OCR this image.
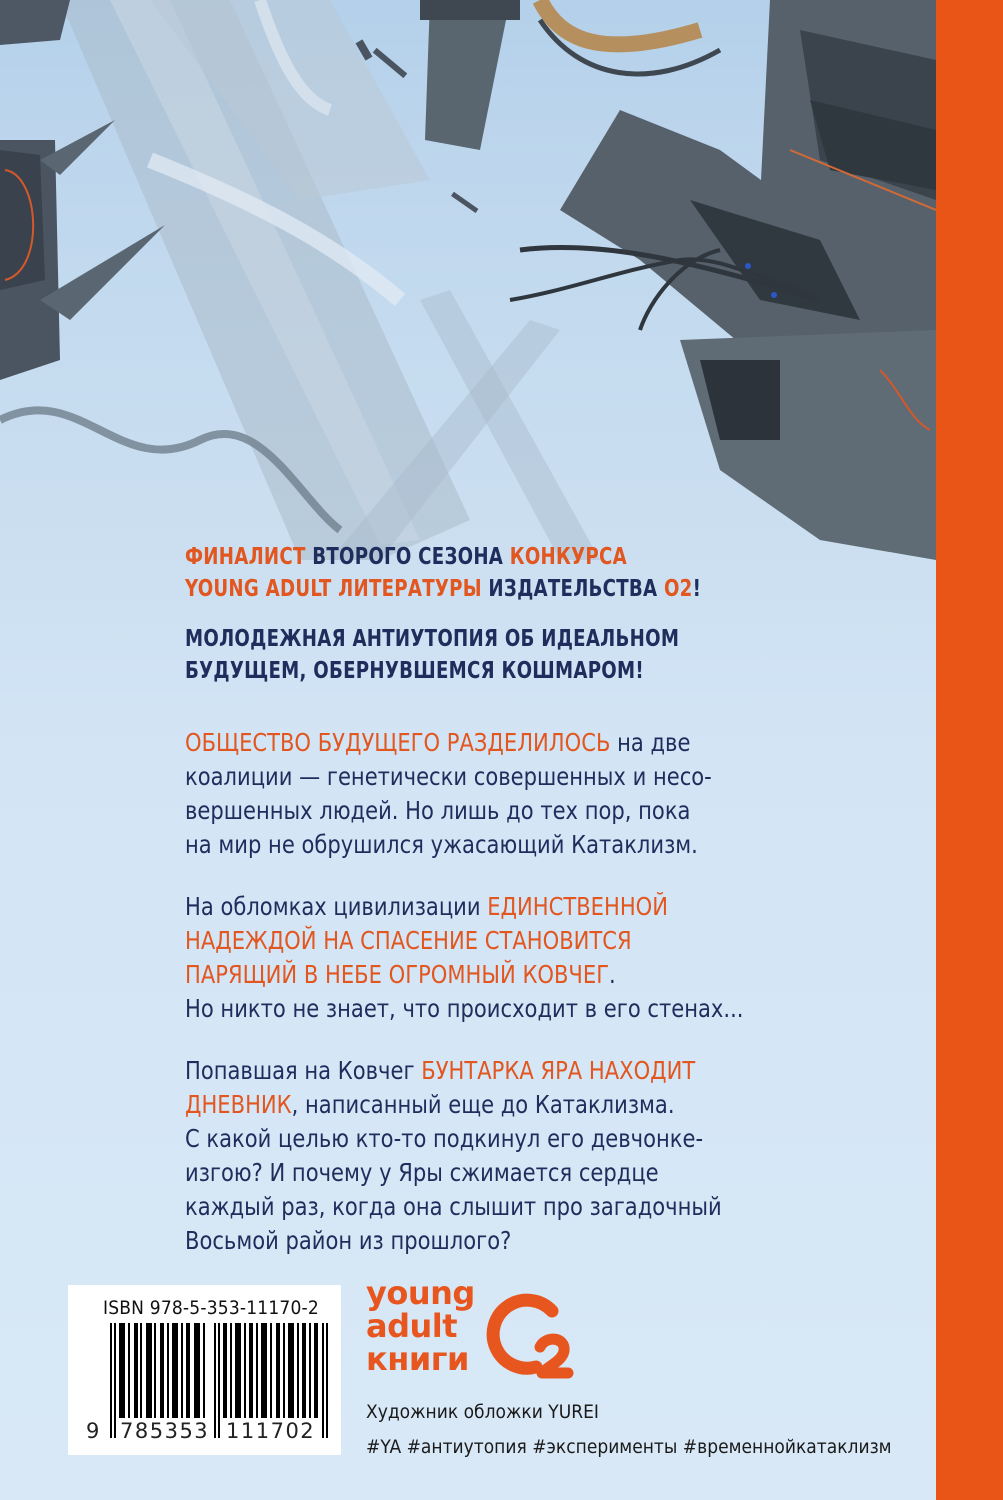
ФИНАЛИСТ ВТОРОГО СЕЗОНА КОНКУРСА
YOUNG ADULT ЛИТЕРАТУРЫ ИЗДАТЕЛЬСТВА О2!
МОЛОДЕЖНАЯ АНТИУТОПИЯ ОБ ИДЕАЛЬНОМ
БУДУЩЕМ, ОБЕРНУВШЕМСЯ КОШМАРОМ!
ОБЩЕСТВО БУДУЩЕГО РАЗДЕЛИЛОСЬ на две
коалиции — генетически совершенных и несо-
вершенных людей. Но лишь до тех пор, пока
на мир не обрушился ужасающий Катаклизм.
На обломках цивилизации ЕДИНСТВЕННОЙ
НАДЕЖДОЙ НА СПАСЕНИЕ СТАНОВИТСЯ
ПАРЯЩИЙ В НЕБЕ ОГРОМНЫЙ КОВЧЕГ.
Но никто не знает, что происходит в его стенах...
Попавшая на Ковчег БУНТАРКА ЯРА НАХОДИТ
ДНЕВНИК, написанный еще до Катаклизма.
С какой целью кто-то подкинул его девчонке-
изгою? И почему у Яры сжимается сердце
каждый раз, когда она слышит про загадочный
Восьмой район из прошлого?
ISBN 978-5-353-11170-2
9 785353 111702
young
adult
книги
Художник обложки YUREI
#YA #антиутопия #эксперименты #временнойкатаклизм
